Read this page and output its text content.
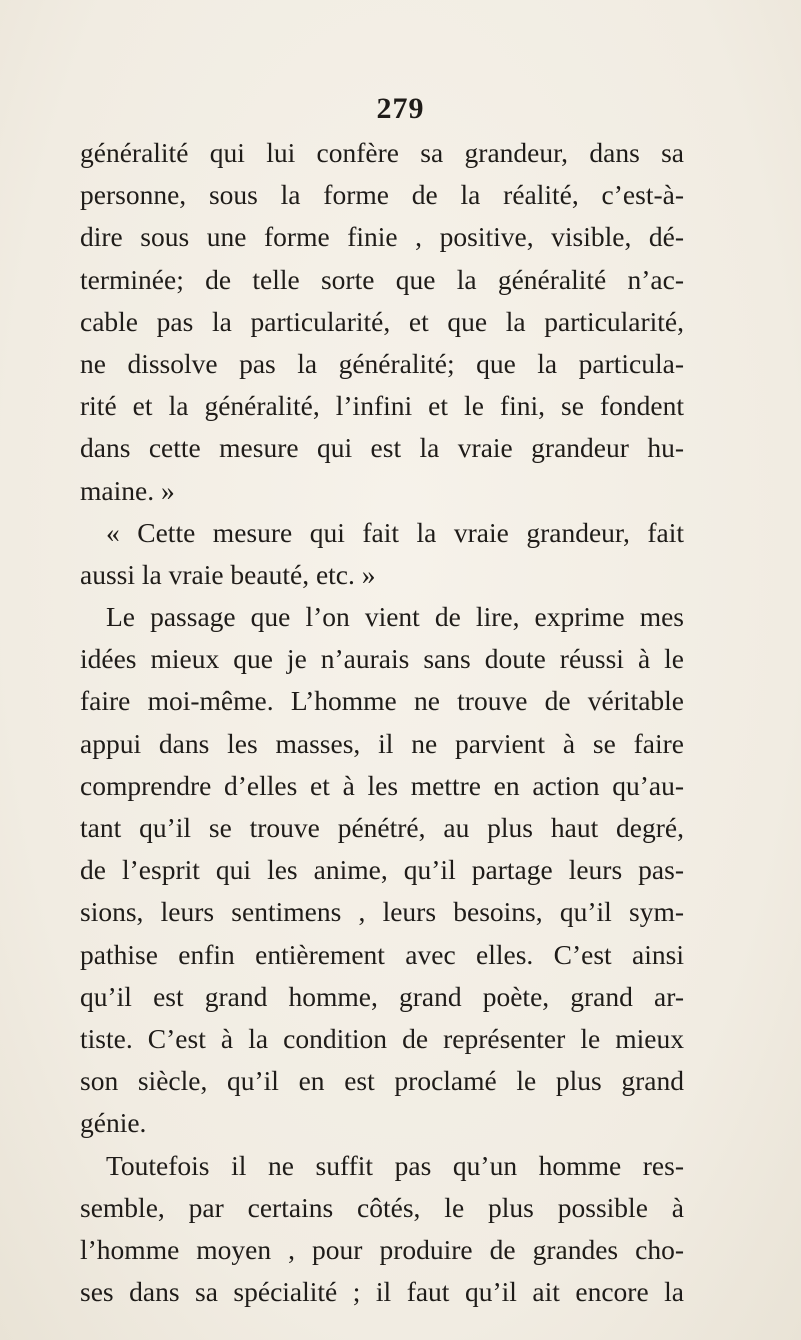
279
généralité qui lui confère sa grandeur, dans sa
personne, sous la forme de la réalité, c’est-à-
dire sous une forme finie , positive, visible, dé-
terminée; de telle sorte que la généralité n’ac-
cable pas la particularité, et que la particularité,
ne dissolve pas la généralité; que la particula-
rité et la généralité, l’infini et le fini, se fondent
dans cette mesure qui est la vraie grandeur hu-
maine. »
« Cette mesure qui fait la vraie grandeur, fait
aussi la vraie beauté, etc. »
Le passage que l’on vient de lire, exprime mes
idées mieux que je n’aurais sans doute réussi à le
faire moi-même. L’homme ne trouve de véritable
appui dans les masses, il ne parvient à se faire
comprendre d’elles et à les mettre en action qu’au-
tant qu’il se trouve pénétré, au plus haut degré,
de l’esprit qui les anime, qu’il partage leurs pas-
sions, leurs sentimens , leurs besoins, qu’il sym-
pathise enfin entièrement avec elles. C’est ainsi
qu’il est grand homme, grand poète, grand ar-
tiste. C’est à la condition de représenter le mieux
son siècle, qu’il en est proclamé le plus grand
génie.
Toutefois il ne suffit pas qu’un homme res-
semble, par certains côtés, le plus possible à
l’homme moyen , pour produire de grandes cho-
ses dans sa spécialité ; il faut qu’il ait encore la
